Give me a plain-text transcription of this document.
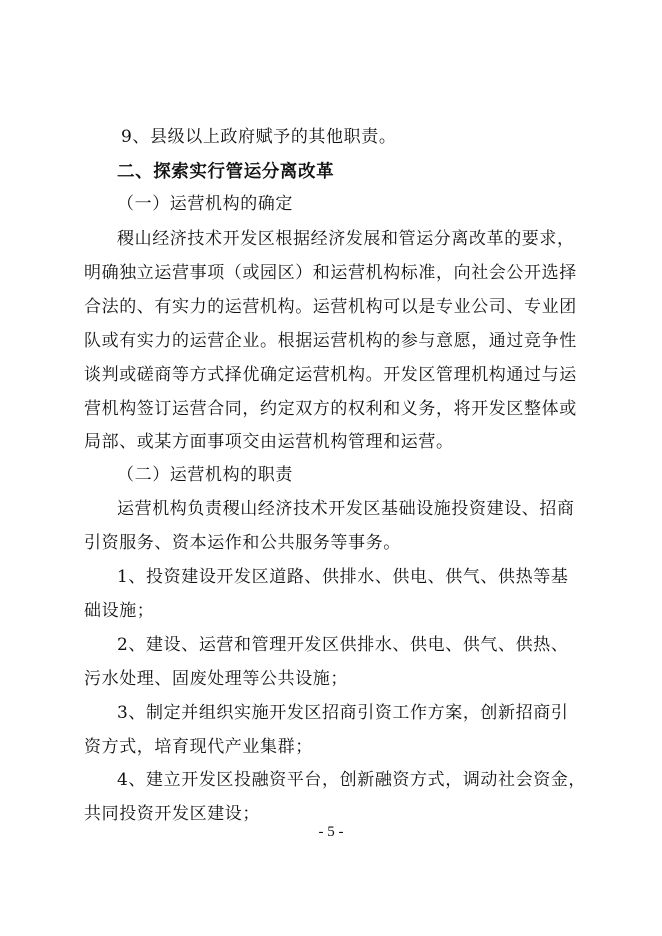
9、县级以上政府赋予的其他职责。
二、探索实行管运分离改革
（一）运营机构的确定
稷山经济技术开发区根据经济发展和管运分离改革的要求，
明确独立运营事项（或园区）和运营机构标准，向社会公开选择
合法的、有实力的运营机构。运营机构可以是专业公司、专业团
队或有实力的运营企业。根据运营机构的参与意愿，通过竞争性
谈判或磋商等方式择优确定运营机构。开发区管理机构通过与运
营机构签订运营合同，约定双方的权利和义务，将开发区整体或
局部、或某方面事项交由运营机构管理和运营。
（二）运营机构的职责
运营机构负责稷山经济技术开发区基础设施投资建设、招商
引资服务、资本运作和公共服务等事务。
1、投资建设开发区道路、供排水、供电、供气、供热等基
础设施；
2、建设、运营和管理开发区供排水、供电、供气、供热、
污水处理、固废处理等公共设施；
3、制定并组织实施开发区招商引资工作方案，创新招商引
资方式，培育现代产业集群；
4、建立开发区投融资平台，创新融资方式，调动社会资金，
共同投资开发区建设；
- 5 -
